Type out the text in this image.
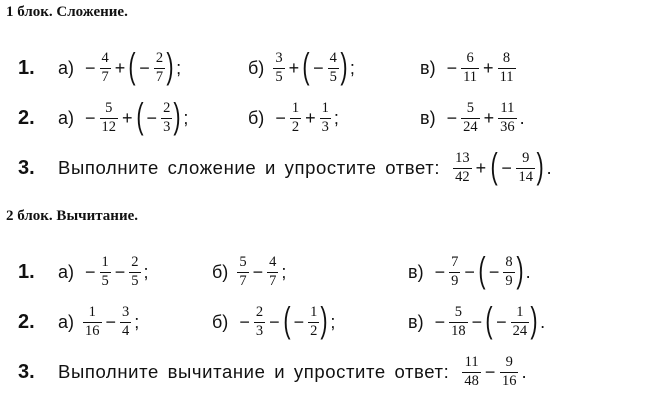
1 блок. Сложение.
1. $а) - \frac{4}{7}$ + ( − $\frac{2}{7}$ ) ;	$б) \frac{3}{5}$ + ( − $\frac{4}{5}$ ) ;	$в) - \frac{6}{11} + \frac{8}{11}$
2. $а) - \frac{5}{12}$ + ( − $\frac{2}{3}$ ) ;	$б) - \frac{1}{2} + \frac{1}{3}$ ;	$в) - \frac{5}{24} + \frac{11}{36}$ .
3. Выполните сложение и упростите ответ: $\frac{13}{42}$ + ( − $\frac{9}{14}$ ) .
2 блок. Вычитание.
1. $а) - \frac{1}{5} - \frac{2}{5}$ ;	$б) \frac{5}{7} - \frac{4}{7}$ ;	$в) - \frac{7}{9}$ − ( − $\frac{8}{9}$ ) .
2. $а) \frac{1}{16} - \frac{3}{4}$ ;	$б) - \frac{2}{3}$ − ( − $\frac{1}{2}$ ) ;	$в) - \frac{5}{18}$ − ( − $\frac{1}{24}$ ) .
3. Выполните вычитание и упростите ответ: $\frac{11}{48} - \frac{9}{16}$ .
